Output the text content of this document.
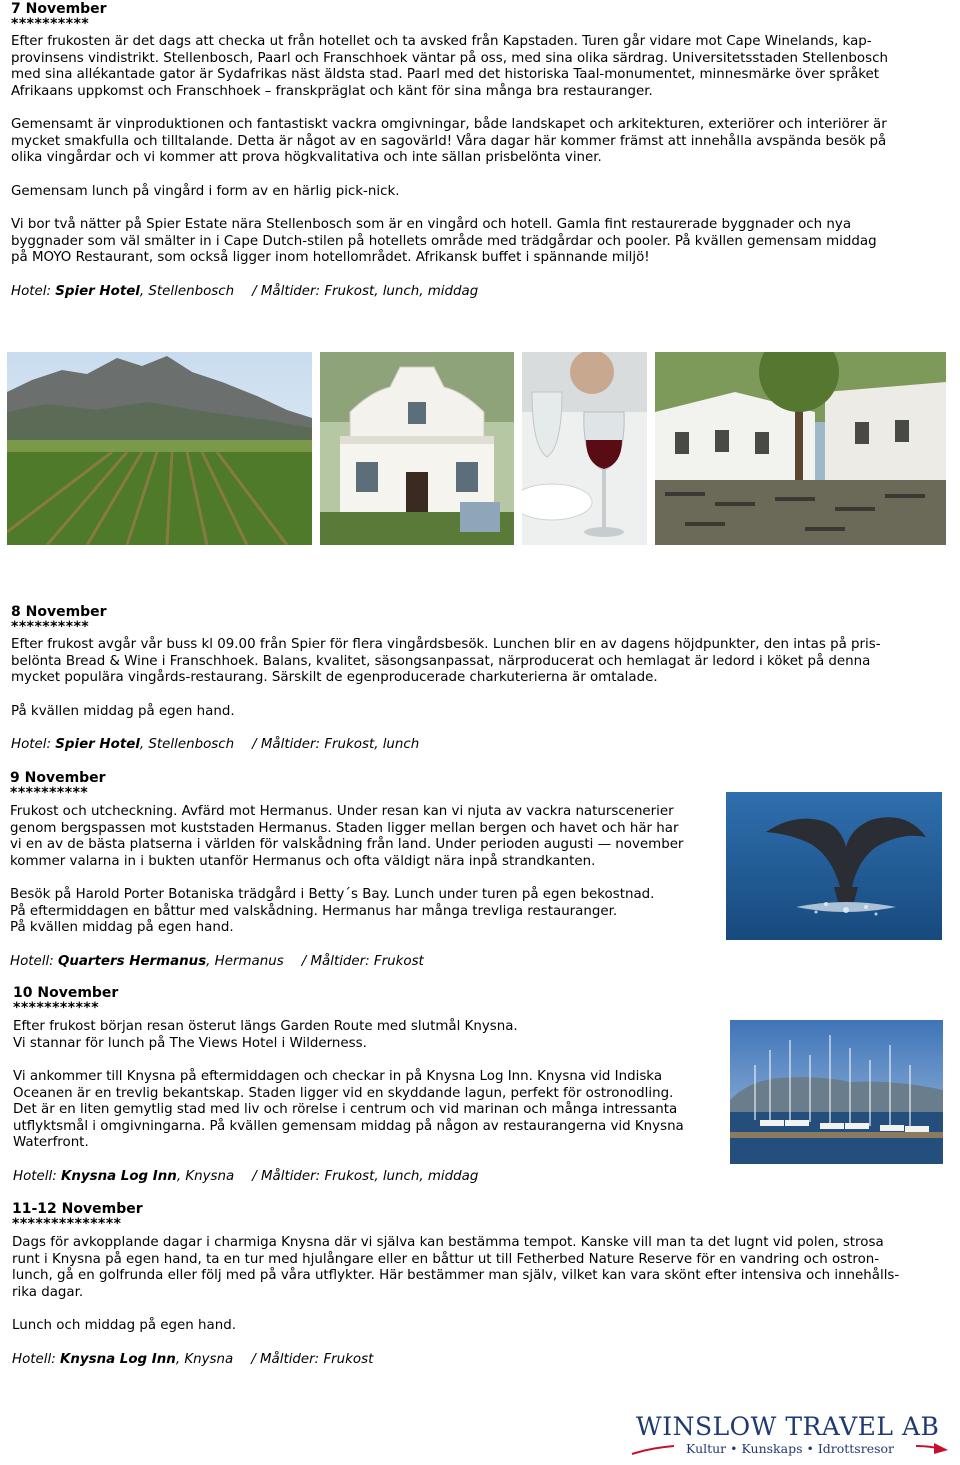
7 November
**********

Efter frukosten är det dags att checka ut från hotellet och ta avsked från Kapstaden. Turen går vidare mot Cape Winelands, kap-

provinsens vindistrikt. Stellenbosch, Paarl och Franschhoek väntar på oss, med sina olika särdrag. Universitetsstaden Stellenbosch

med sina allékantade gator är Sydafrikas näst äldsta stad. Paarl med det historiska Taal-monumentet, minnesmärke över språket

Afrikaans uppkomst och Franschhoek – franskpräglat och känt för sina många bra restauranger.

Gemensamt är vinproduktionen och fantastiskt vackra omgivningar, både landskapet och arkitekturen, exteriörer och interiörer är

mycket smakfulla och tilltalande. Detta är något av en sagovärld! Våra dagar här kommer främst att innehålla avspända besök på

olika vingårdar och vi kommer att prova högkvalitativa och inte sällan prisbelönta viner.

Gemensam lunch på vingård i form av en härlig pick-nick.

Vi bor två nätter på Spier Estate nära Stellenbosch som är en vingård och hotell. Gamla fint restaurerade byggnader och nya

byggnader som väl smälter in i Cape Dutch-stilen på hotellets område med trädgårdar och pooler. På kvällen gemensam middag

på MOYO Restaurant, som också ligger inom hotellområdet. Afrikansk buffet i spännande miljö!

Hotel: Spier Hotel, Stellenbosch / Måltider: Frukost, lunch, middag

8 November
**********

Efter frukost avgår vår buss kl 09.00 från Spier för flera vingårdsbesök. Lunchen blir en av dagens höjdpunkter, den intas på pris-

belönta Bread & Wine i Franschhoek. Balans, kvalitet, säsongsanpassat, närproducerat och hemlagat är ledord i köket på denna

mycket populära vingårds-restaurang. Särskilt de egenproducerade charkuterierna är omtalade.

På kvällen middag på egen hand.

Hotel: Spier Hotel, Stellenbosch / Måltider: Frukost, lunch

9 November
**********

Frukost och utcheckning. Avfärd mot Hermanus. Under resan kan vi njuta av vackra naturscenerier

genom bergspassen mot kuststaden Hermanus. Staden ligger mellan bergen och havet och här har

vi en av de bästa platserna i världen för valskådning från land. Under perioden augusti — november

kommer valarna in i bukten utanför Hermanus och ofta väldigt nära inpå strandkanten.

Besök på Harold Porter Botaniska trädgård i Betty´s Bay. Lunch under turen på egen bekostnad.

På eftermiddagen en båttur med valskådning. Hermanus har många trevliga restauranger.

På kvällen middag på egen hand.

Hotell: Quarters Hermanus, Hermanus / Måltider: Frukost

10 November
***********

Efter frukost början resan österut längs Garden Route med slutmål Knysna.

Vi stannar för lunch på The Views Hotel i Wilderness.

Vi ankommer till Knysna på eftermiddagen och checkar in på Knysna Log Inn. Knysna vid Indiska

Oceanen är en trevlig bekantskap. Staden ligger vid en skyddande lagun, perfekt för ostronodling.

Det är en liten gemytlig stad med liv och rörelse i centrum och vid marinan och många intressanta

utflyktsmål i omgivningarna. På kvällen gemensam middag på någon av restaurangerna vid Knysna

Waterfront.

Hotell: Knysna Log Inn, Knysna / Måltider: Frukost, lunch, middag

11-12 November
**************

Dags för avkopplande dagar i charmiga Knysna där vi själva kan bestämma tempot. Kanske vill man ta det lugnt vid polen, strosa

runt i Knysna på egen hand, ta en tur med hjulångare eller en båttur ut till Fetherbed Nature Reserve för en vandring och ostron-

lunch, gå en golfrunda eller följ med på våra utflykter. Här bestämmer man själv, vilket kan vara skönt efter intensiva och innehålls-

rika dagar.

Lunch och middag på egen hand.

Hotell: Knysna Log Inn, Knysna / Måltider: Frukost

WINSLOW TRAVEL AB
Kultur • Kunskaps • Idrottsresor
